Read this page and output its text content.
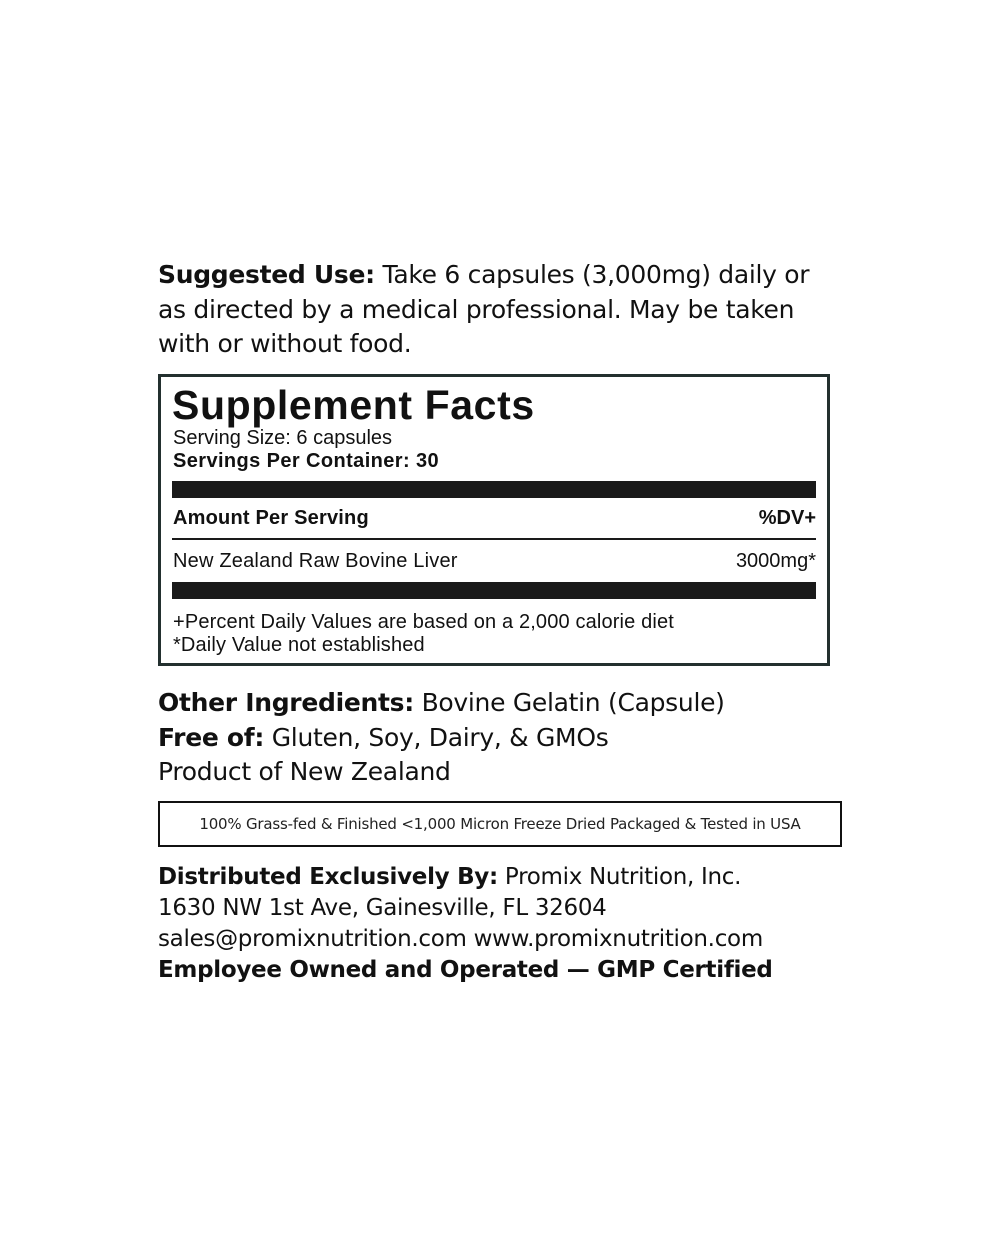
Suggested Use: Take 6 capsules (3,000mg) daily or as directed by a medical professional. May be taken with or without food.
Supplement Facts
Serving Size: 6 capsules
Servings Per Container: 30
Amount Per Serving	%DV+
New Zealand Raw Bovine Liver	3000mg*
+Percent Daily Values are based on a 2,000 calorie diet
*Daily Value not established
Other Ingredients: Bovine Gelatin (Capsule)
Free of: Gluten, Soy, Dairy, & GMOs
Product of New Zealand
100% Grass-fed & Finished <1,000 Micron Freeze Dried Packaged & Tested in USA
Distributed Exclusively By: Promix Nutrition, Inc.
1630 NW 1st Ave, Gainesville, FL 32604
sales@promixnutrition.com www.promixnutrition.com
Employee Owned and Operated — GMP Certified
